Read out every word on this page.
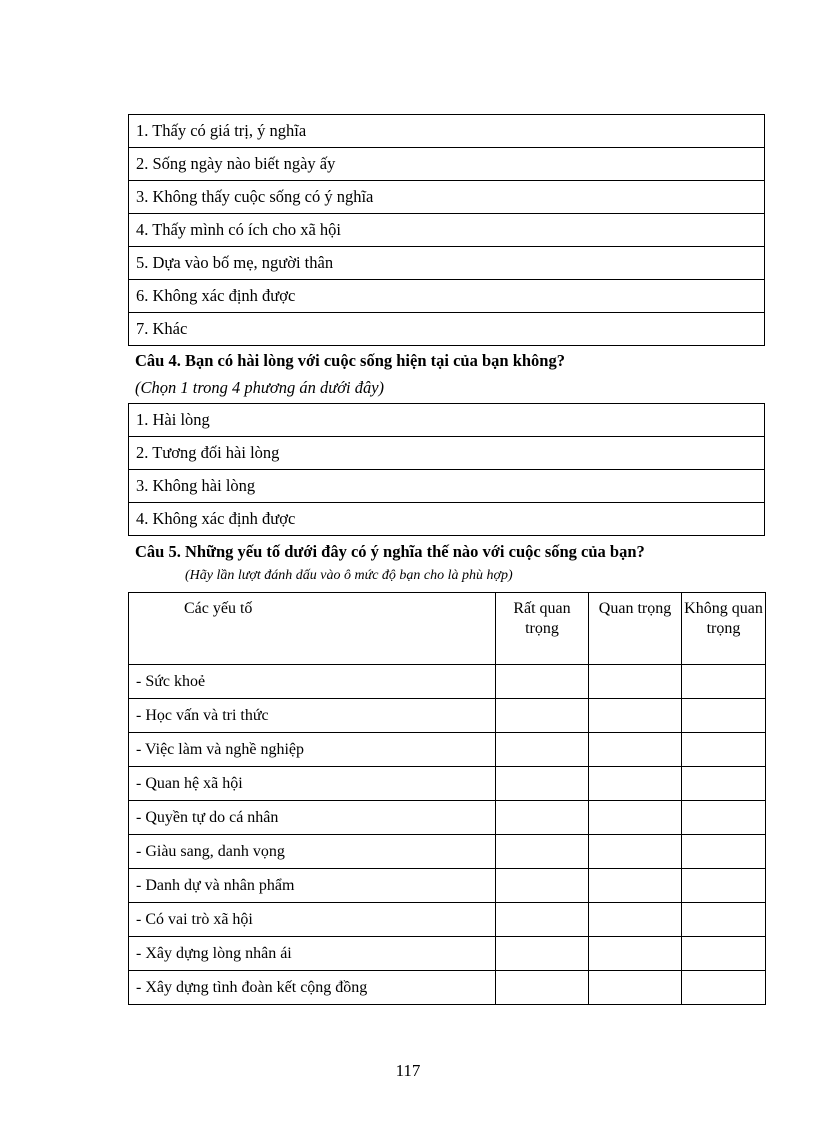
1. Thấy có giá trị, ý nghĩa
2. Sống ngày nào biết ngày ấy
3. Không thấy cuộc sống có ý nghĩa
4. Thấy mình có ích cho xã hội
5. Dựa vào bố mẹ, người thân
6. Không xác định được
7. Khác
Câu 4. Bạn có hài lòng với cuộc sống hiện tại của bạn không?
(Chọn 1 trong 4 phương án dưới đây)
1. Hài lòng
2. Tương đối hài lòng
3. Không hài lòng
4. Không xác định được
Câu 5. Những yếu tố dưới đây có ý nghĩa thế nào với cuộc sống của bạn?
(Hãy lần lượt đánh dấu vào ô mức độ bạn cho là phù hợp)
Các yếu tố	Rất quan trọng	Quan trọng	Không quan trọng
- Sức khoẻ			
- Học vấn và tri thức			
- Việc làm và nghề nghiệp			
- Quan hệ xã hội			
- Quyền tự do cá nhân			
- Giàu sang, danh vọng			
- Danh dự và nhân phẩm			
- Có vai trò xã hội			
- Xây dựng lòng nhân ái			
- Xây dựng tình đoàn kết cộng đồng			
117
